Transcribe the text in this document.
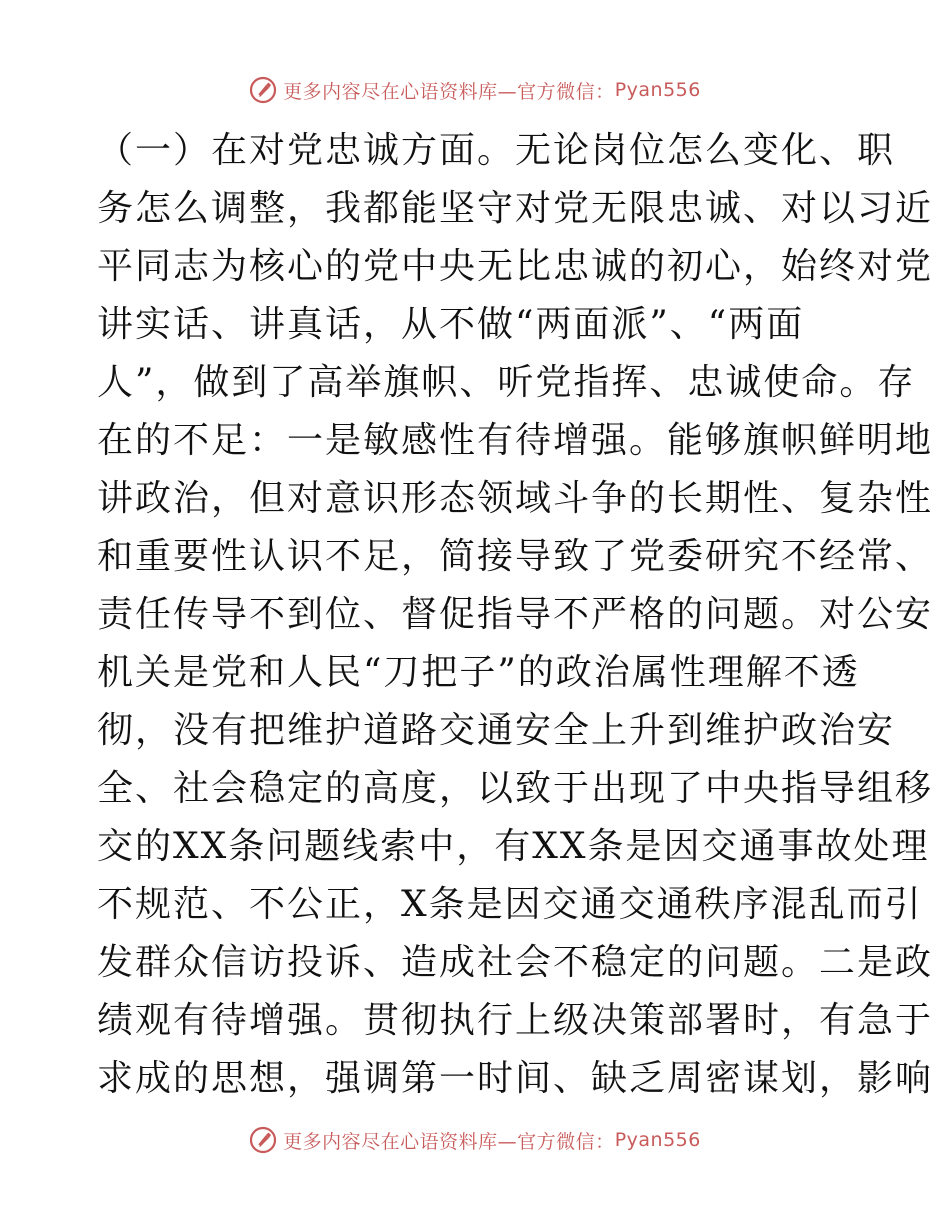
更多内容尽在心语资料库 —官方微信： Pyan556
（一）在对党忠诚方面。无论岗位怎么变化、职
务怎么调整，我都能坚守对党无限忠诚、对以习近
平同志为核心的党中央无比忠诚的初心，始终对党
讲实话、讲真话，从不做“两面派”、“两面
人”，做到了高举旗帜、听党指挥、忠诚使命。存
在的不足：一是敏感性有待增强。能够旗帜鲜明地
讲政治，但对意识形态领域斗争的长期性、复杂性
和重要性认识不足，简接导致了党委研究不经常、
责任传导不到位、督促指导不严格的问题。对公安
机关是党和人民“刀把子”的政治属性理解不透
彻，没有把维护道路交通安全上升到维护政治安
全、社会稳定的高度，以致于出现了中央指导组移
交的XX条问题线索中，有XX条是因交通事故处理
不规范、不公正，X条是因交通交通秩序混乱而引
发群众信访投诉、造成社会不稳定的问题。二是政
绩观有待增强。贯彻执行上级决策部署时，有急于
求成的思想，强调第一时间、缺乏周密谋划，影响
更多内容尽在心语资料库 —官方微信： Pyan556
